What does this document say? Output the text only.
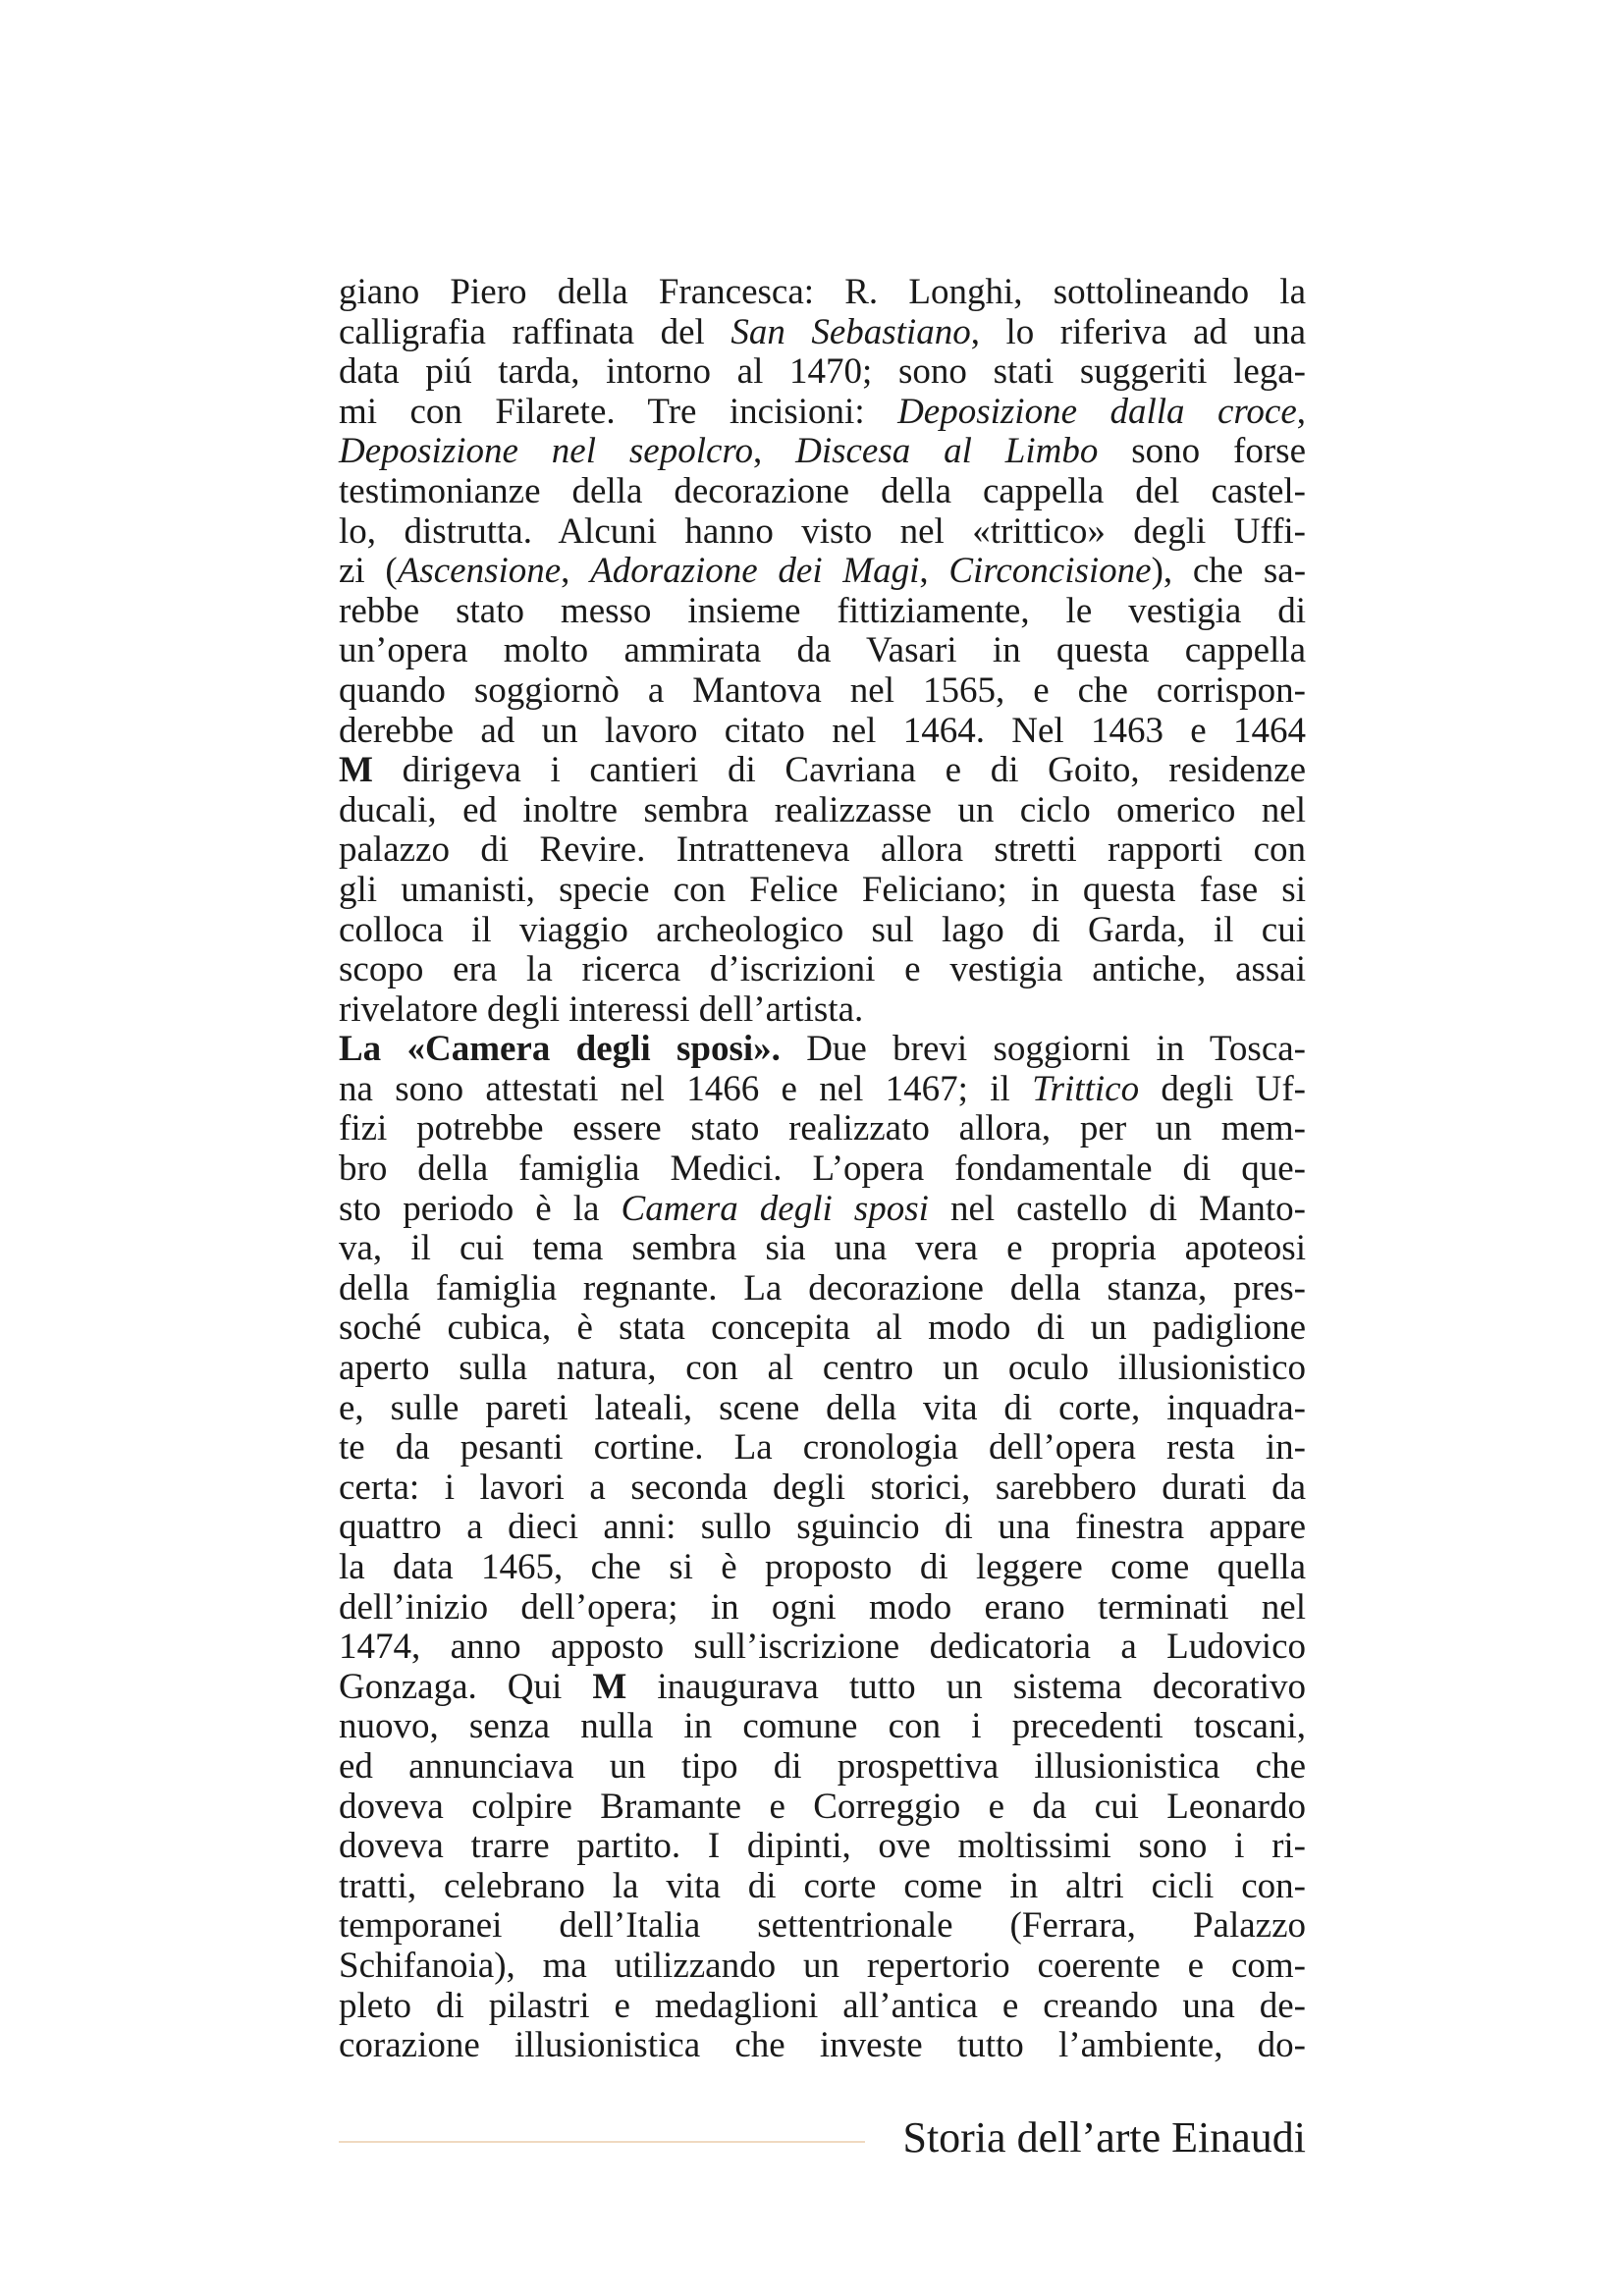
giano Piero della Francesca: R. Longhi, sottolineando la
calligrafia raffinata del San Sebastiano, lo riferiva ad una
data piú tarda, intorno al 1470; sono stati suggeriti lega-
mi con Filarete. Tre incisioni: Deposizione dalla croce,
Deposizione nel sepolcro, Discesa al Limbo sono forse
testimonianze della decorazione della cappella del castel-
lo, distrutta. Alcuni hanno visto nel «trittico» degli Uffi-
zi (Ascensione, Adorazione dei Magi, Circoncisione), che sa-
rebbe stato messo insieme fittiziamente, le vestigia di
un’opera molto ammirata da Vasari in questa cappella
quando soggiornò a Mantova nel 1565, e che corrispon-
derebbe ad un lavoro citato nel 1464. Nel 1463 e 1464
M dirigeva i cantieri di Cavriana e di Goito, residenze
ducali, ed inoltre sembra realizzasse un ciclo omerico nel
palazzo di Revire. Intratteneva allora stretti rapporti con
gli umanisti, specie con Felice Feliciano; in questa fase si
colloca il viaggio archeologico sul lago di Garda, il cui
scopo era la ricerca d’iscrizioni e vestigia antiche, assai
rivelatore degli interessi dell’artista.
La «Camera degli sposi». Due brevi soggiorni in Tosca-
na sono attestati nel 1466 e nel 1467; il Trittico degli Uf-
fizi potrebbe essere stato realizzato allora, per un mem-
bro della famiglia Medici. L’opera fondamentale di que-
sto periodo è la Camera degli sposi nel castello di Manto-
va, il cui tema sembra sia una vera e propria apoteosi
della famiglia regnante. La decorazione della stanza, pres-
soché cubica, è stata concepita al modo di un padiglione
aperto sulla natura, con al centro un oculo illusionistico
e, sulle pareti lateali, scene della vita di corte, inquadra-
te da pesanti cortine. La cronologia dell’opera resta in-
certa: i lavori a seconda degli storici, sarebbero durati da
quattro a dieci anni: sullo sguincio di una finestra appare
la data 1465, che si è proposto di leggere come quella
dell’inizio dell’opera; in ogni modo erano terminati nel
1474, anno apposto sull’iscrizione dedicatoria a Ludovico
Gonzaga. Qui M inaugurava tutto un sistema decorativo
nuovo, senza nulla in comune con i precedenti toscani,
ed annunciava un tipo di prospettiva illusionistica che
doveva colpire Bramante e Correggio e da cui Leonardo
doveva trarre partito. I dipinti, ove moltissimi sono i ri-
tratti, celebrano la vita di corte come in altri cicli con-
temporanei dell’Italia settentrionale (Ferrara, Palazzo
Schifanoia), ma utilizzando un repertorio coerente e com-
pleto di pilastri e medaglioni all’antica e creando una de-
corazione illusionistica che investe tutto l’ambiente, do-
Storia dell’arte Einaudi
